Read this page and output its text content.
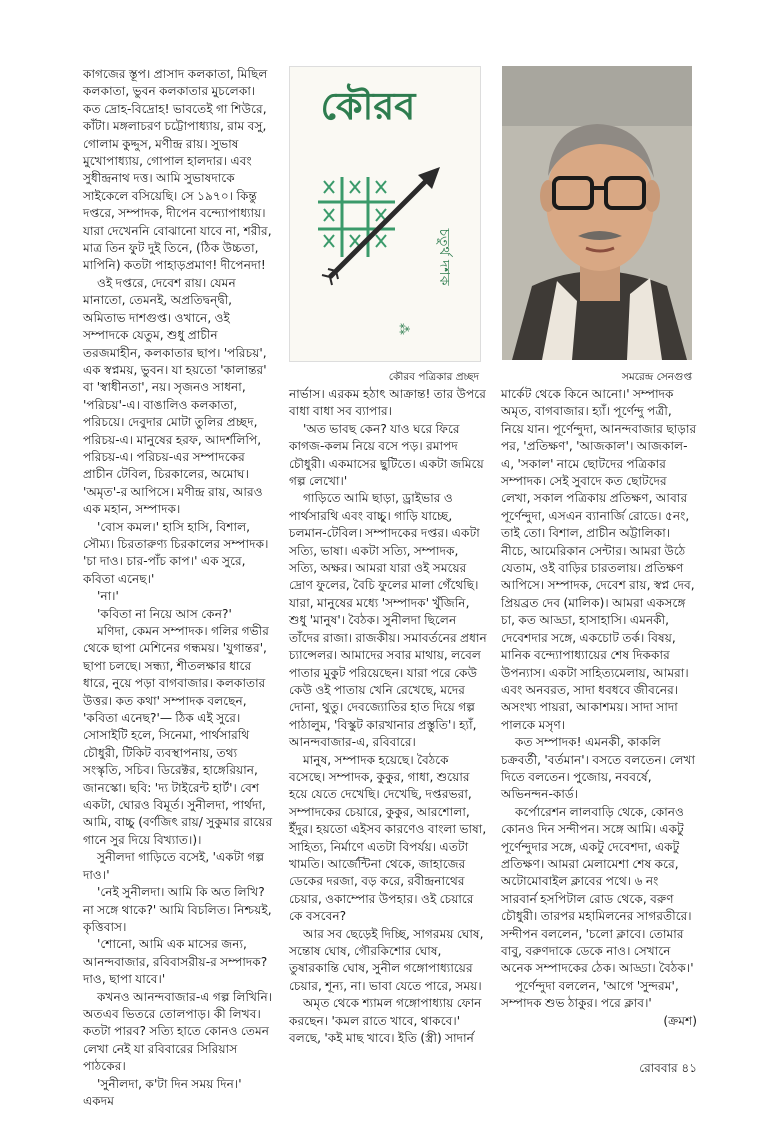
কৌরব
চতুর্থ দশক
⁂
কৌরব পত্রিকার প্রচ্ছদ	সমরেন্দ্র সেনগুপ্ত

কাগজের স্তূপ। প্রাসাদ কলকাতা, মিছিল কলকাতা, ভুবন কলকাতার মুচলেকা। কত দ্রোহ-বিদ্রোহ! ভাবতেই গা শিউরে, কাঁটা। মঙ্গলাচরণ চট্টোপাধ্যায়, রাম বসু, গোলাম কুদ্দুস, মণীন্দ্র রায়। সুভাষ মুখোপাধ্যায়, গোপাল হালদার। এবং সুধীন্দ্রনাথ দত্ত। আমি সুভাষদাকে সাইকেলে বসিয়েছি। সে ১৯৭০। কিন্তু দপ্তরে, সম্পাদক, দীপেন বন্দ্যোপাধ্যায়। যারা দেখেননি বোঝানো যাবে না, শরীর, মাত্র তিন ফুট দুই তিনে, (ঠিক উচ্চতা, মাপিনি) কতটা পাহাড়প্রমাণ! দীপেনদা!

ওই দপ্তরে, দেবেশ রায়। যেমন মানাতো, তেমনই, অপ্রতিদ্বন্দ্বী, অমিতাভ দাশগুপ্ত। ওখানে, ওই সম্পাদকে যেতুম, শুধু প্রাচীন তরজমাহীন, কলকাতার ছাপ। 'পরিচয়', এক স্বপ্নময়, ভুবন। যা হয়তো 'কালান্তর' বা 'স্বাধীনতা', নয়। সৃজনও সাধনা, 'পরিচয়'-এ। বাঙালিও কলকাতা, পরিচয়ে। দেবুদার মোটা তুলির প্রচ্ছদ, পরিচয়-এ। মানুষের হরফ, আদর্শলিপি, পরিচয়-এ। পরিচয়-এর সম্পাদকের প্রাচীন টেবিল, চিরকালের, অমোঘ। 'অমৃত'-র আপিসে। মণীন্দ্র রায়, আরও এক মহান, সম্পাদক।

'বোস কমল।' হাসি হাসি, বিশাল, সৌম্য। চিরতারুণ্য চিরকালের সম্পাদক। 'চা দাও। চার-পাঁচ কাপ।' এক সুরে, কবিতা এনেছ।'

'না।'

'কবিতা না নিয়ে আস কেন?'

মণিদা, কেমন সম্পাদক। গলির গভীর থেকে ছাপা মেশিনের গন্ধময়। 'যুগান্তর', ছাপা চলছে। সন্ধ্যা, শীতলক্ষার ধারে ধারে, নুয়ে পড়া বাগবাজার। কলকাতার উত্তর। কত কথা' সম্পাদক বলছেন, 'কবিতা এনেছ?'— ঠিক এই সুরে। সোসাইটি হলে, সিনেমা, পার্থসারথি চৌধুরী, টিকিট ব্যবস্থাপনায়, তথ্য সংস্কৃতি, সচিব। ডিরেক্টর, হাঙ্গেরিয়ান, জানস্কো। ছবি: 'দ্য টাইরেন্ট হার্ট'। বেশ একটা, ঘোরও বিমূর্ত। সুনীলদা, পার্থদা, আমি, বাচ্চু (বর্ণজিৎ রায়/ সুকুমার রায়ের গানে সুর দিয়ে বিখ্যাত।)।

সুনীলদা গাড়িতে বসেই, 'একটা গল্প দাও।'

'নেই সুনীলদা। আমি কি অত লিখি? না সঙ্গে থাকে?' আমি বিচলিত। নিশ্চয়ই, কৃত্তিবাস।

'শোনো, আমি এক মাসের জন্য, আনন্দবাজার, রবিবাসরীয়-র সম্পাদক? দাও, ছাপা যাবে।'

কখনও আনন্দবাজার-এ গল্প লিখিনি। অতএব ভিতরে তোলপাড়। কী লিখব। কতটা পারব? সত্যি হাতে কোনও তেমন লেখা নেই যা রবিবারের সিরিয়াস পাঠকের।

'সুনীলদা, ক'টা দিন সময় দিন।' একদম

নার্ভাস। এরকম হঠাৎ আক্রান্ত! তার উপরে বাধা বাধা সব ব্যাপার।

'অত ভাবছ কেন? যাও ঘরে ফিরে কাগজ-কলম নিয়ে বসে পড়। রমাপদ চৌধুরী। একমাসের ছুটিতে। একটা জমিয়ে গল্প লেখো।'

গাড়িতে আমি ছাড়া, ড্রাইভার ও পার্থসারথি এবং বাচ্চু। গাড়ি যাচ্ছে, চলমান-টেবিল। সম্পাদকের দপ্তর। একটা সত্যি, ভাষা। একটা সত্যি, সম্পাদক, সত্যি, অক্ষর। আমরা যারা ওই সময়ের দ্রোণ ফুলের, বৈচি ফুলের মালা গেঁথেছি। যারা, মানুষের মধ্যে 'সম্পাদক' খুঁজিনি, শুধু 'মানুষ'। বৈঠক। সুনীলদা ছিলেন তাঁদের রাজা। রাজকীয়। সমাবর্তনের প্রধান চ্যান্সেলর। আমাদের সবার মাথায়, লবেল পাতার মুকুট পরিয়েছেন। যারা পরে কেউ কেউ ওই পাতায় খেনি রেখেছে, মদের দোনা, থুতু। দেবজ্যোতির হাত দিয়ে গল্প পাঠালুম, 'বিস্কুট কারখানার প্রস্তুতি'। হ্যাঁ, আনন্দবাজার-এ, রবিবারে।

মানুষ, সম্পাদক হয়েছে। বৈঠকে বসেছে। সম্পাদক, কুকুর, গাধা, শুয়োর হয়ে যেতে দেখেছি। দেখেছি, দপ্তরভরা, সম্পাদকের চেয়ারে, কুকুর, আরশোলা, ইঁদুর। হয়তো এইসব কারণেও বাংলা ভাষা, সাহিত্য, নির্মাণে এতটা বিপর্যয়। এতটা খামতি। আর্জেন্টিনা থেকে, জাহাজের ডেকের দরজা, বড় করে, রবীন্দ্রনাথের চেয়ার, ওকাম্পোর উপহার। ওই চেয়ারে কে বসবেন?

আর সব ছেড়েই দিচ্ছি, সাগরময় ঘোষ, সন্তোষ ঘোষ, গৌরকিশোর ঘোষ, তুষারকান্তি ঘোষ, সুনীল গঙ্গোপাধ্যায়ের চেয়ার, শূন্য, না। ভাবা যেতে পারে, সময়।

অমৃত থেকে শ্যামল গঙ্গোপাধ্যায় ফোন করছেন। 'কমল রাতে খাবে, থাকবে।' বলছে, 'কই মাছ খাবে। ইতি (স্ত্রী) সাদার্ন

মার্কেট থেকে কিনে আনো।' সম্পাদক অমৃত, বাগবাজার। হ্যাঁ। পূর্ণেন্দু পত্রী, নিয়ে যান। পূর্ণেন্দুদা, আনন্দবাজার ছাড়ার পর, 'প্রতিক্ষণ', 'আজকাল'। আজকাল-এ, 'সকাল' নামে ছোটদের পত্রিকার সম্পাদক। সেই সুবাদে কত ছোটদের লেখা, সকাল পত্রিকায় প্রতিক্ষণ, আবার পূর্ণেন্দুদা, এসএন ব্যানার্জি রোডে। ৫নং, তাই তো। বিশাল, প্রাচীন অট্টালিকা। নীচে, আমেরিকান সেন্টার। আমরা উঠে যেতাম, ওই বাড়ির চারতলায়। প্রতিক্ষণ আপিসে। সম্পাদক, দেবেশ রায়, স্বপ্ন দেব, প্রিয়ব্রত দেব (মালিক)। আমরা একসঙ্গে চা, কত আড্ডা, হাসাহাসি। এমনকী, দেবেশদার সঙ্গে, একচোট তর্ক। বিষয়, মানিক বন্দ্যোপাধ্যায়ের শেষ দিককার উপন্যাস। একটা সাহিত্যমেলায়, আমরা। এবং অনবরত, সাদা ধবধবে জীবনের। অসংখ্য পায়রা, আকাশময়। সাদা সাদা পালকে মসৃণ।

কত সম্পাদক! এমনকী, কাকলি চক্রবর্তী, 'বর্তমান'। বসতে বলতেন। লেখা দিতে বলতেন। পুজোয়, নববর্ষে, অভিনন্দন-কার্ড।

কর্পোরেশন লালবাড়ি থেকে, কোনও কোনও দিন সন্দীপন। সঙ্গে আমি। একটু পূর্ণেন্দুদার সঙ্গে, একটু দেবেশদা, একটু প্রতিক্ষণ। আমরা মেলামেশা শেষ করে, অটোমোবাইল ক্লাবের পথে। ৬ নং সারবার্ন হসপিটাল রোড থেকে, বরুণ চৌধুরী। তারপর মহামিলনের সাগরতীরে। সন্দীপন বললেন, 'চলো ক্লাবে। তোমার বাবু, বরুণদাকে ডেকে নাও। সেখানে অনেক সম্পাদকের ঠেক। আড্ডা। বৈঠক।'

পূর্ণেন্দুদা বললেন, 'আগে 'সুন্দরম', সম্পাদক শুভ ঠাকুর। পরে ক্লাব।'

(ক্রমশ)

রোববার ৪১
